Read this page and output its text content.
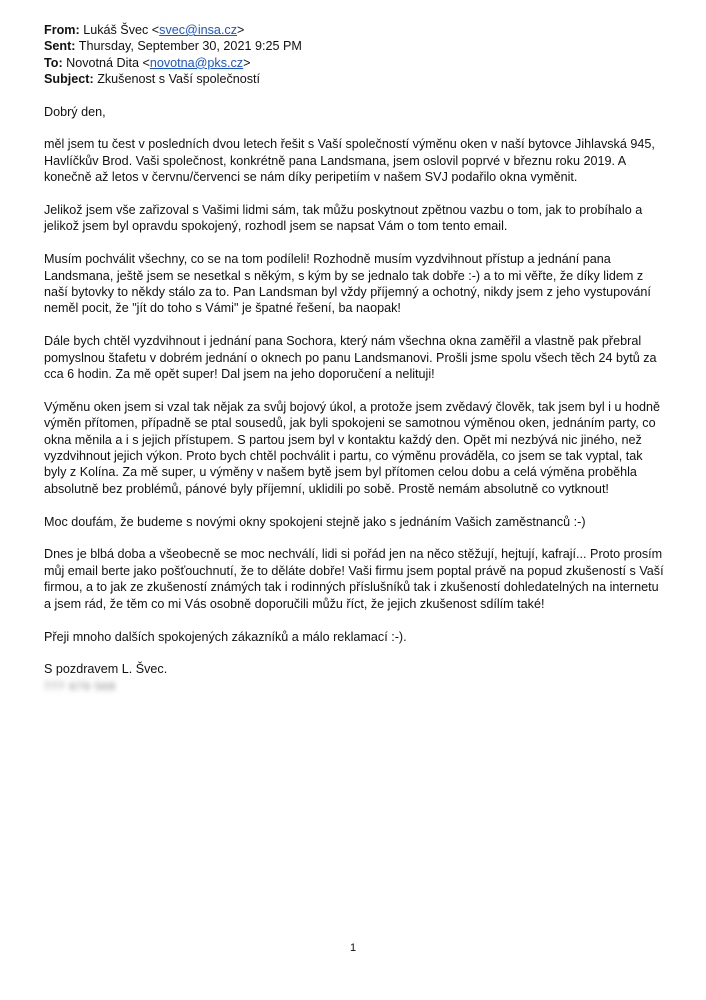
From: Lukáš Švec <svec@insa.cz>
Sent: Thursday, September 30, 2021 9:25 PM
To: Novotná Dita <novotna@pks.cz>
Subject: Zkušenost s Vaší společností

Dobrý den,

měl jsem tu čest v posledních dvou letech řešit s Vaší společností výměnu oken v naší bytovce Jihlavská 945, Havlíčkův Brod. Vaši společnost, konkrétně pana Landsmana, jsem oslovil poprvé v březnu roku 2019. A konečně až letos v červnu/červenci se nám díky peripetiím v našem SVJ podařilo okna vyměnit.

Jelikož jsem vše zařizoval s Vašimi lidmi sám, tak můžu poskytnout zpětnou vazbu o tom, jak to probíhalo a jelikož jsem byl opravdu spokojený, rozhodl jsem se napsat Vám o tom tento email.

Musím pochválit všechny, co se na tom podíleli! Rozhodně musím vyzdvihnout přístup a jednání pana Landsmana, ještě jsem se nesetkal s někým, s kým by se jednalo tak dobře :-) a to mi věřte, že díky lidem z naší bytovky to někdy stálo za to. Pan Landsman byl vždy příjemný a ochotný, nikdy jsem z jeho vystupování neměl pocit, že "jít do toho s Vámi" je špatné řešení, ba naopak!

Dále bych chtěl vyzdvihnout i jednání pana Sochora, který nám všechna okna zaměřil a vlastně pak přebral pomyslnou štafetu v dobrém jednání o oknech po panu Landsmanovi. Prošli jsme spolu všech těch 24 bytů za cca 6 hodin. Za mě opět super! Dal jsem na jeho doporučení a nelituji!

Výměnu oken jsem si vzal tak nějak za svůj bojový úkol, a protože jsem zvědavý člověk, tak jsem byl i u hodně výměn přítomen, případně se ptal sousedů, jak byli spokojeni se samotnou výměnou oken, jednáním party, co okna měnila a i s jejich přístupem. S partou jsem byl v kontaktu každý den. Opět mi nezbývá nic jiného, než vyzdvihnout jejich výkon. Proto bych chtěl pochválit i partu, co výměnu prováděla, co jsem se tak vyptal, tak byly z Kolína. Za mě super, u výměny v našem bytě jsem byl přítomen celou dobu a celá výměna proběhla absolutně bez problémů, pánové byly příjemní, uklidili po sobě. Prostě nemám absolutně co vytknout!

Moc doufám, že budeme s novými okny spokojeni stejně jako s jednáním Vašich zaměstnanců :-)

Dnes je blbá doba a všeobecně se moc nechválí, lidi si pořád jen na něco stěžují, hejtují, kafrají... Proto prosím můj email berte jako pošťouchnutí, že to děláte dobře! Vaši firmu jsem poptal právě na popud zkušeností s Vaší firmou, a to jak ze zkušeností známých tak i rodinných příslušníků tak i zkušeností dohledatelných na internetu a jsem rád, že těm co mi Vás osobně doporučili můžu říct, že jejich zkušenost sdílím také!

Přeji mnoho dalších spokojených zákazníků a málo reklamací :-).

S pozdravem L. Švec.
777 679 568
1
